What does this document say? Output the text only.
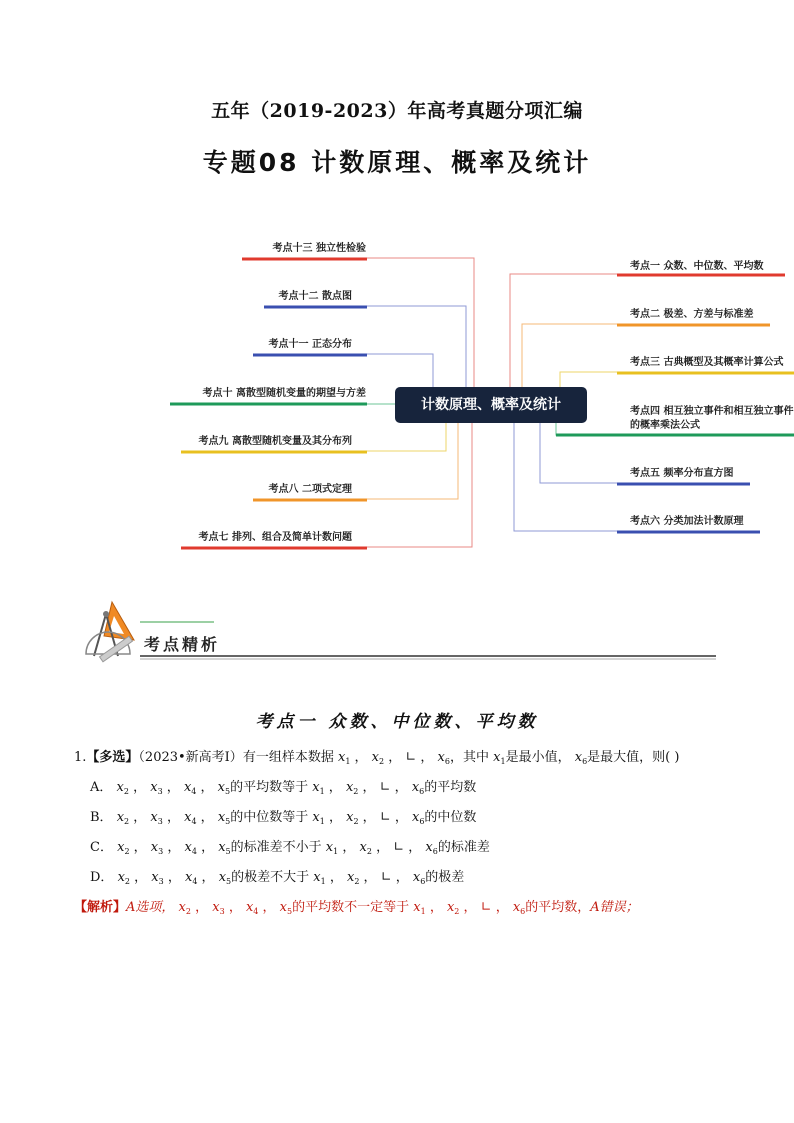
五年（2019-2023）年高考真题分项汇编
专题08 计数原理、概率及统计
考点十三 独立性检验
考点十二 散点图
考点十一 正态分布
考点十 离散型随机变量的期望与方差
考点九 离散型随机变量及其分布列
考点八 二项式定理
考点七 排列、组合及简单计数问题
考点一 众数、中位数、平均数
考点二 极差、方差与标准差
考点三 古典概型及其概率计算公式
考点四 相互独立事件和相互独立事件
的概率乘法公式
考点五 频率分布直方图
考点六 分类加法计数原理
计数原理、概率及统计
考点精析
考点一 众数、中位数、平均数
1.【多选】（2023•新高考Ⅰ）有一组样本数据 $x_1$ ， $x_2$ ， ∟ ， $x_6$，其中 $x_1$是最小值， $x_6$是最大值，则( )
A． $x_2$ ， $x_3$ ， $x_4$ ， $x_5$的平均数等于 $x_1$ ， $x_2$ ， ∟ ， $x_6$的平均数
B． $x_2$ ， $x_3$ ， $x_4$ ， $x_5$的中位数等于 $x_1$ ， $x_2$ ， ∟ ， $x_6$的中位数
C． $x_2$ ， $x_3$ ， $x_4$ ， $x_5$的标准差不小于 $x_1$ ， $x_2$ ， ∟ ， $x_6$的标准差
D． $x_2$ ， $x_3$ ， $x_4$ ， $x_5$的极差不大于 $x_1$ ， $x_2$ ， ∟ ， $x_6$的极差
【解析】A选项， $x_2$ ， $x_3$ ， $x_4$ ， $x_5$的平均数不一定等于 $x_1$ ， $x_2$ ， ∟ ， $x_6$的平均数，A错误；
